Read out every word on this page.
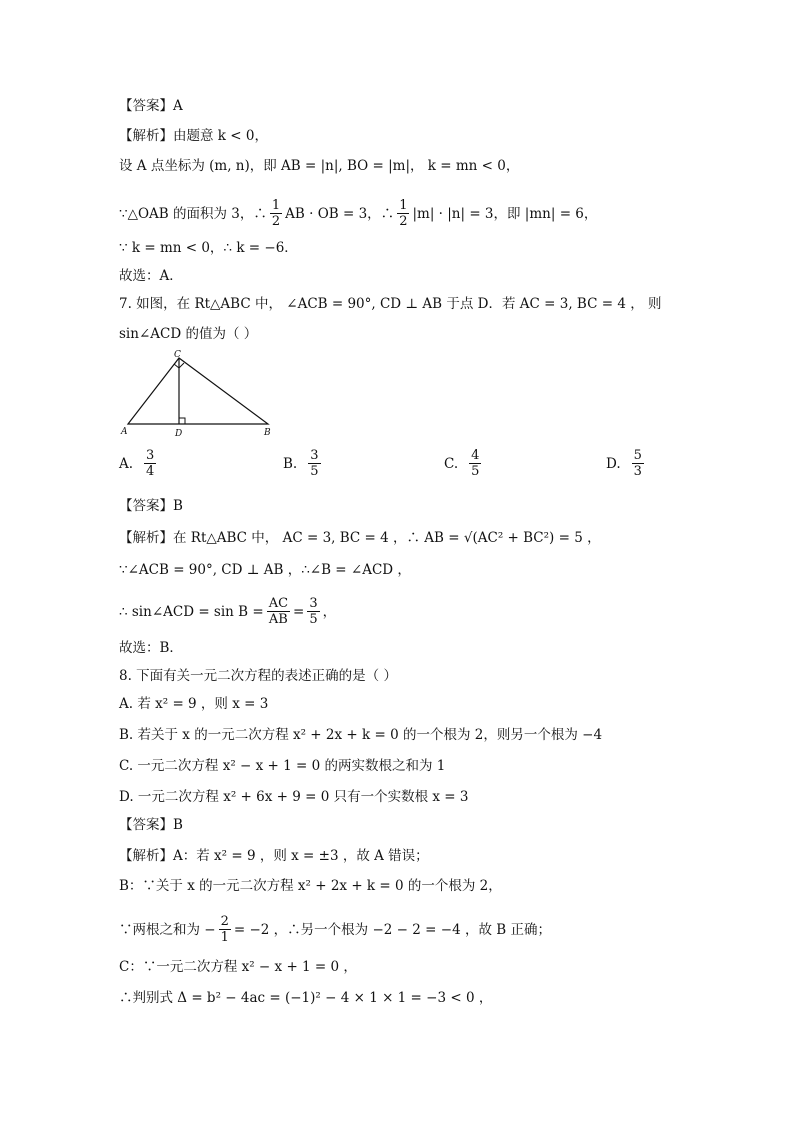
【答案】A
【解析】由题意 k < 0，
设 A 点坐标为 (m, n)，即 AB = |n|, BO = |m|， k = mn < 0，
∵△OAB 的面积为 3，∴ $\frac{1}{2}$ AB · OB = 3，∴ $\frac{1}{2} |m| \cdot |n| = 3$，即 |mn| = 6，
∵ k = mn < 0，∴ k = −6．
故选：A．
7. 如图，在 Rt△ABC 中， ∠ACB = 90°, CD ⊥ AB 于点 D．若 AC = 3, BC = 4 ， 则
sin∠ACD 的值为（ ）
C
A	D	B
A. $\frac{3}{4}$	B. $\frac{3}{5}$	C. $\frac{4}{5}$	D. $\frac{5}{3}$
【答案】B
【解析】在 Rt△ABC 中， AC = 3, BC = 4 ，∴ AB = √(AC² + BC²) = 5 ，
∵∠ACB = 90°, CD ⊥ AB ，∴∠B = ∠ACD ，
∴ sin∠ACD = $\sin B = \frac{AC}{AB} = \frac{3}{5}$ ，
故选：B．
8. 下面有关一元二次方程的表述正确的是（ ）
A. 若 x² = 9 ，则 x = 3
B. 若关于 x 的一元二次方程 x² + 2x + k = 0 的一个根为 2，则另一个根为 −4
C. 一元二次方程 x² − x + 1 = 0 的两实数根之和为 1
D. 一元二次方程 x² + 6x + 9 = 0 只有一个实数根 x = 3
【答案】B
【解析】A：若 x² = 9 ，则 x = ±3 ，故 A 错误；
B：∵关于 x 的一元二次方程 x² + 2x + k = 0 的一个根为 2，
∵两根之和为 − $\frac{2}{1} = -2$ ，∴另一个根为 −2 − 2 = −4 ，故 B 正确；
C：∵一元二次方程 x² − x + 1 = 0 ，
∴判别式 Δ = b² − 4ac = (−1)² − 4 × 1 × 1 = −3 < 0 ，
